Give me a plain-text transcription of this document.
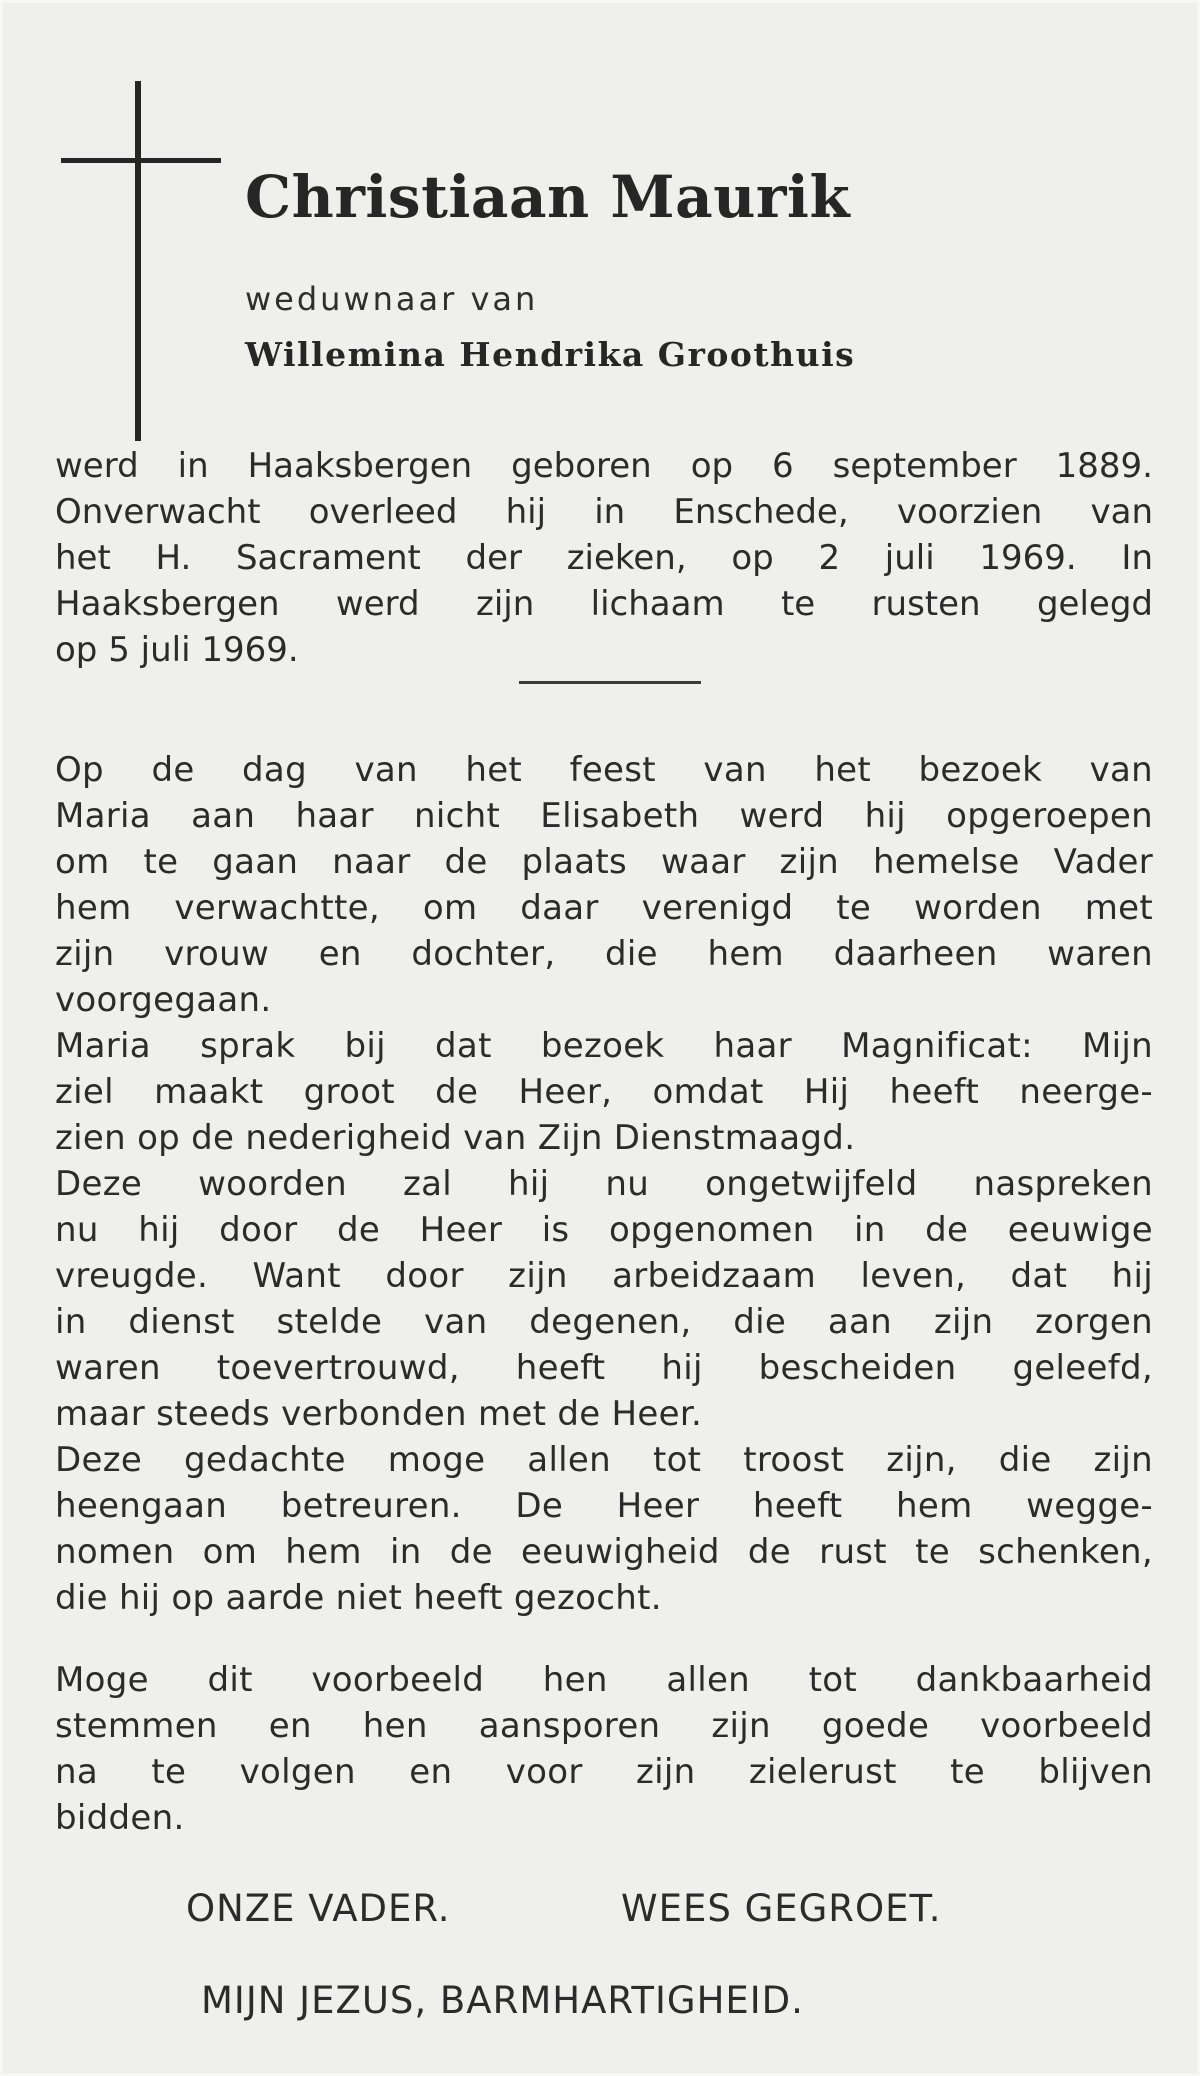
Christiaan Maurik
weduwnaar van
Willemina Hendrika Groothuis
werd in Haaksbergen geboren op 6 september 1889.
Onverwacht overleed hij in Enschede, voorzien van
het H. Sacrament der zieken, op 2 juli 1969. In
Haaksbergen werd zijn lichaam te rusten gelegd
op 5 juli 1969.
Op de dag van het feest van het bezoek van
Maria aan haar nicht Elisabeth werd hij opgeroepen
om te gaan naar de plaats waar zijn hemelse Vader
hem verwachtte, om daar verenigd te worden met
zijn vrouw en dochter, die hem daarheen waren
voorgegaan.
Maria sprak bij dat bezoek haar Magnificat: Mijn
ziel maakt groot de Heer, omdat Hij heeft neerge-
zien op de nederigheid van Zijn Dienstmaagd.
Deze woorden zal hij nu ongetwijfeld naspreken
nu hij door de Heer is opgenomen in de eeuwige
vreugde. Want door zijn arbeidzaam leven, dat hij
in dienst stelde van degenen, die aan zijn zorgen
waren toevertrouwd, heeft hij bescheiden geleefd,
maar steeds verbonden met de Heer.
Deze gedachte moge allen tot troost zijn, die zijn
heengaan betreuren. De Heer heeft hem wegge-
nomen om hem in de eeuwigheid de rust te schenken,
die hij op aarde niet heeft gezocht.
Moge dit voorbeeld hen allen tot dankbaarheid
stemmen en hen aansporen zijn goede voorbeeld
na te volgen en voor zijn zielerust te blijven
bidden.
ONZE VADER.	WEES GEGROET.
MIJN JEZUS, BARMHARTIGHEID.
